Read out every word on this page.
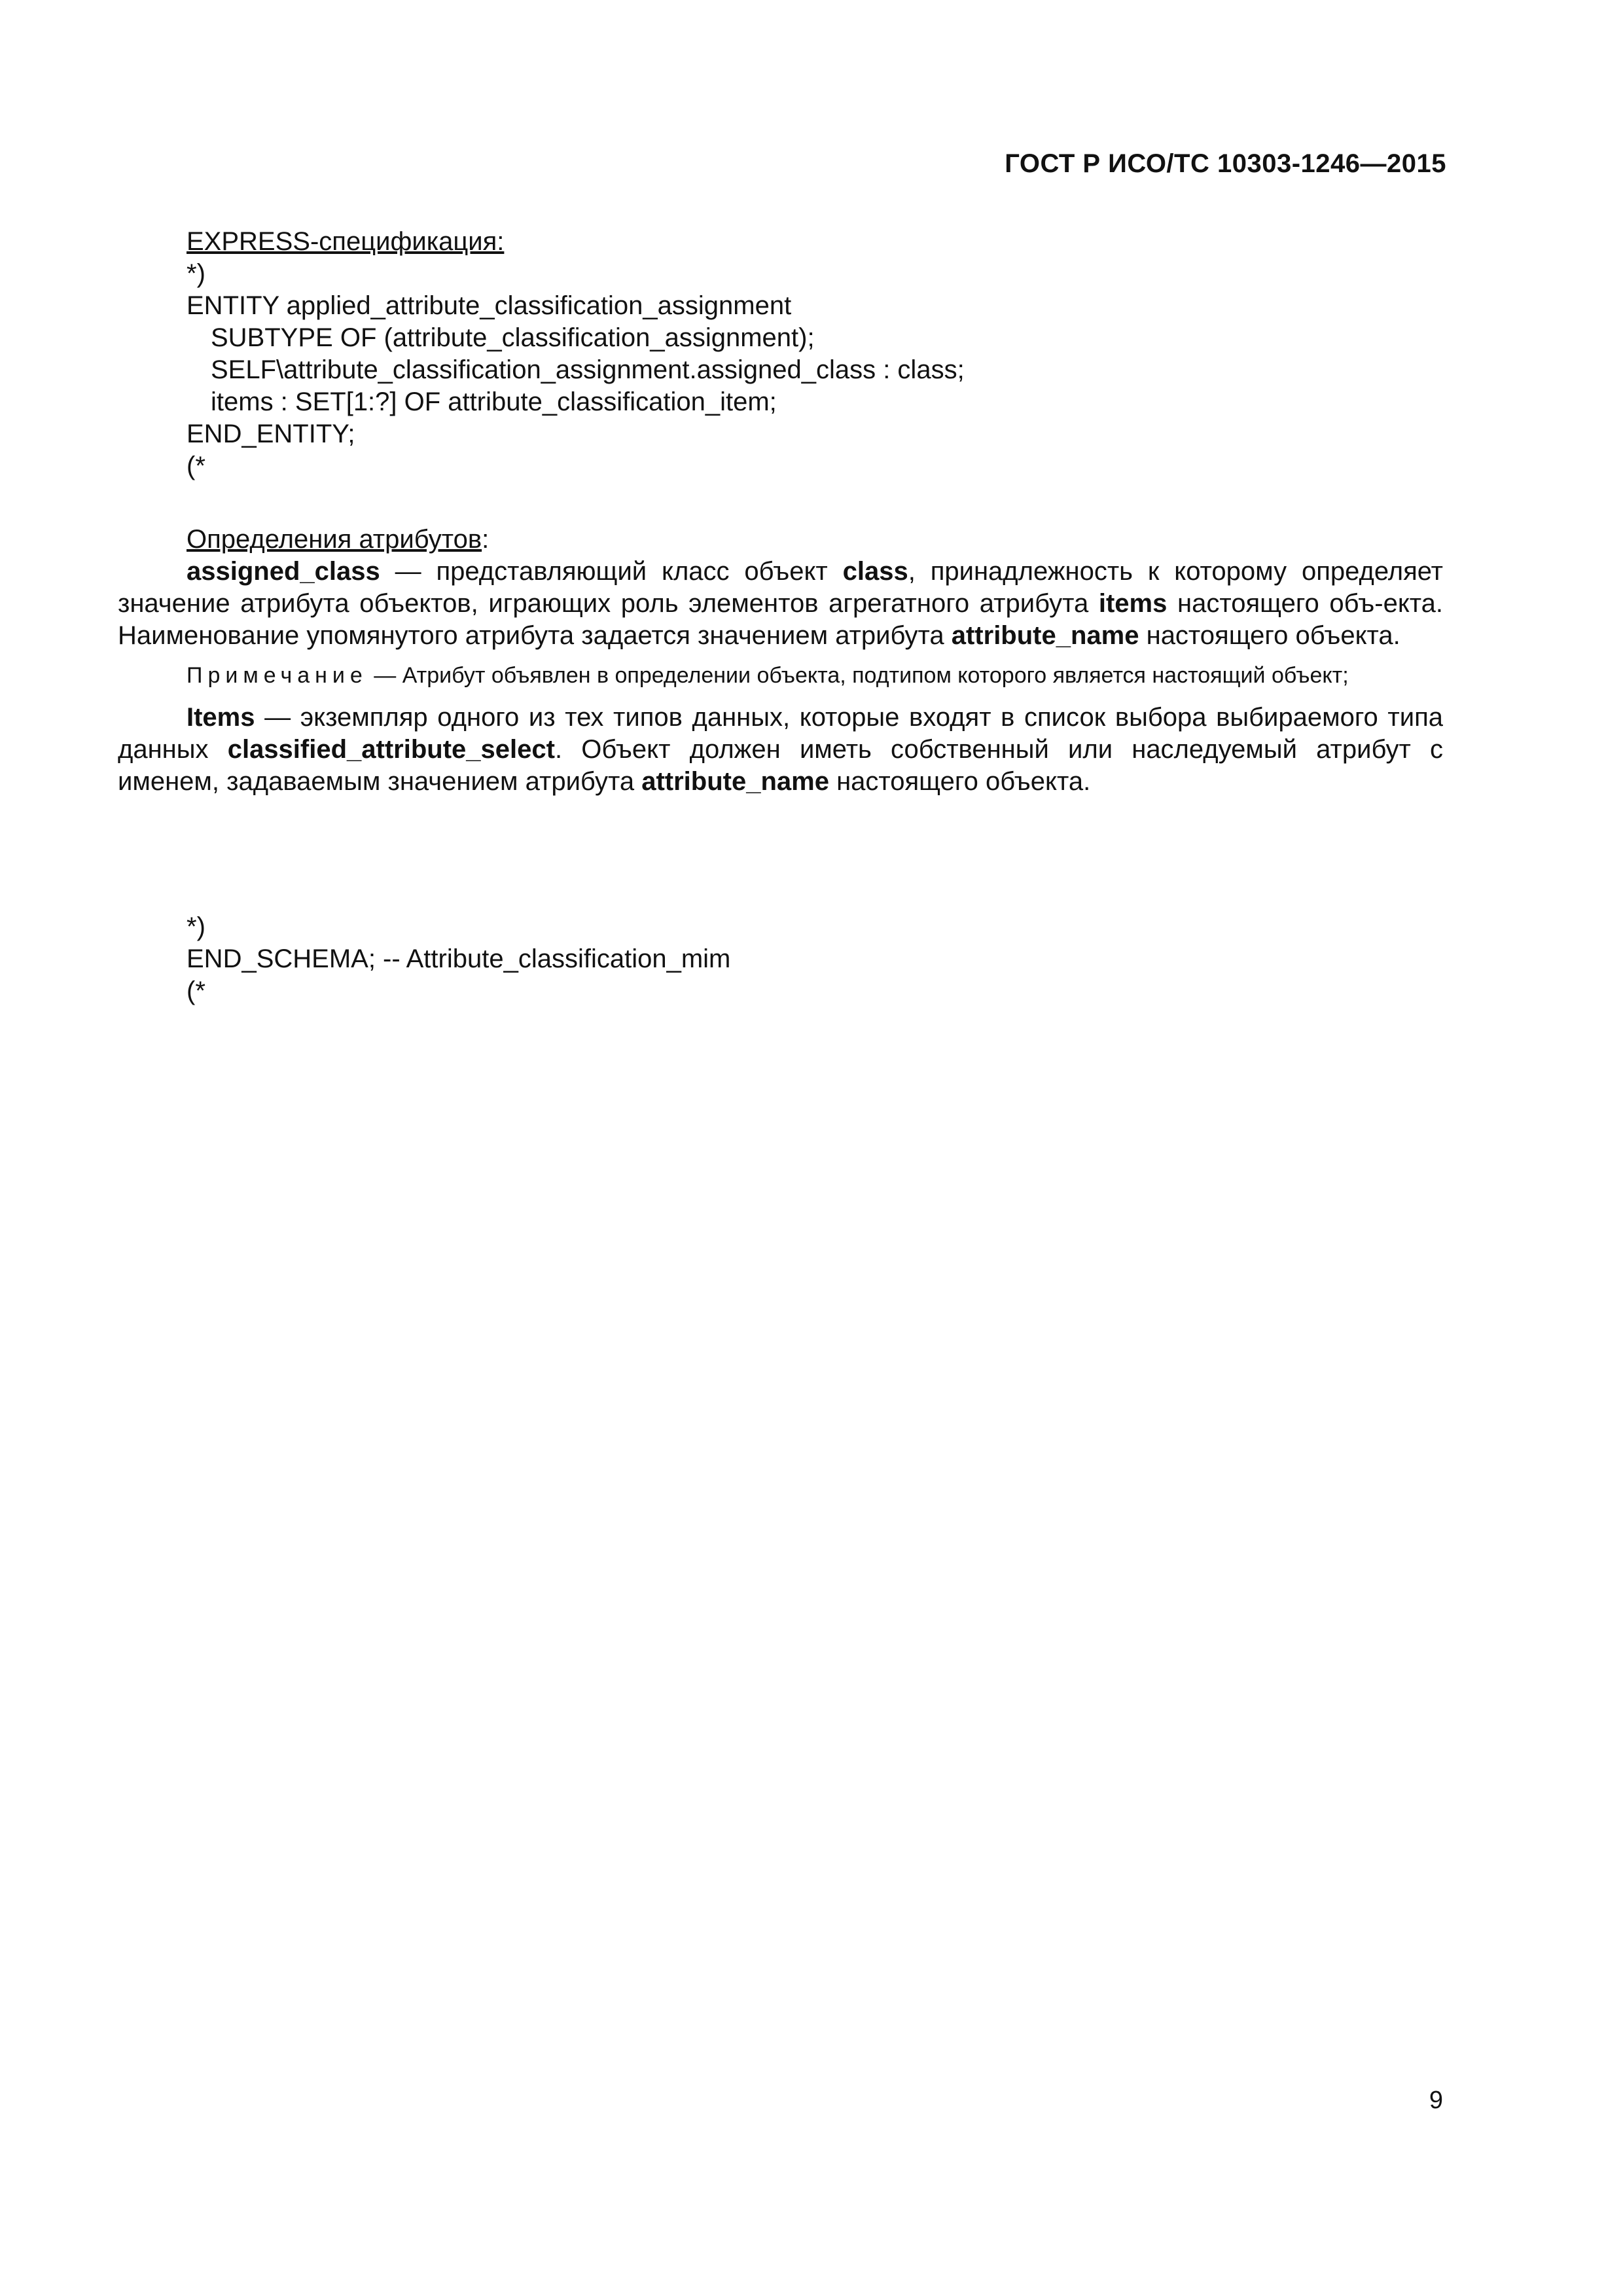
ГОСТ Р ИСО/ТС 10303-1246—2015
EXPRESS-спецификация:
*)
ENTITY applied_attribute_classification_assignment
SUBTYPE OF (attribute_classification_assignment);
SELF\attribute_classification_assignment.assigned_class : class;
items : SET[1:?] OF attribute_classification_item;
END_ENTITY;
(*
Определения атрибутов:

assigned_class — представляющий класс объект class, принадлежность к которому определяет значение атрибута объектов, играющих роль элементов агрегатного атрибута items настоящего объ-екта. Наименование упомянутого атрибута задается значением атрибута attribute_name настоящего объекта.

Примечание — Атрибут объявлен в определении объекта, подтипом которого является настоящий объект;

Items — экземпляр одного из тех типов данных, которые входят в список выбора выбираемого типа данных classified_attribute_select. Объект должен иметь собственный или наследуемый атрибут с именем, задаваемым значением атрибута attribute_name настоящего объекта.

*)
END_SCHEMA; -- Attribute_classification_mim
(*
9
